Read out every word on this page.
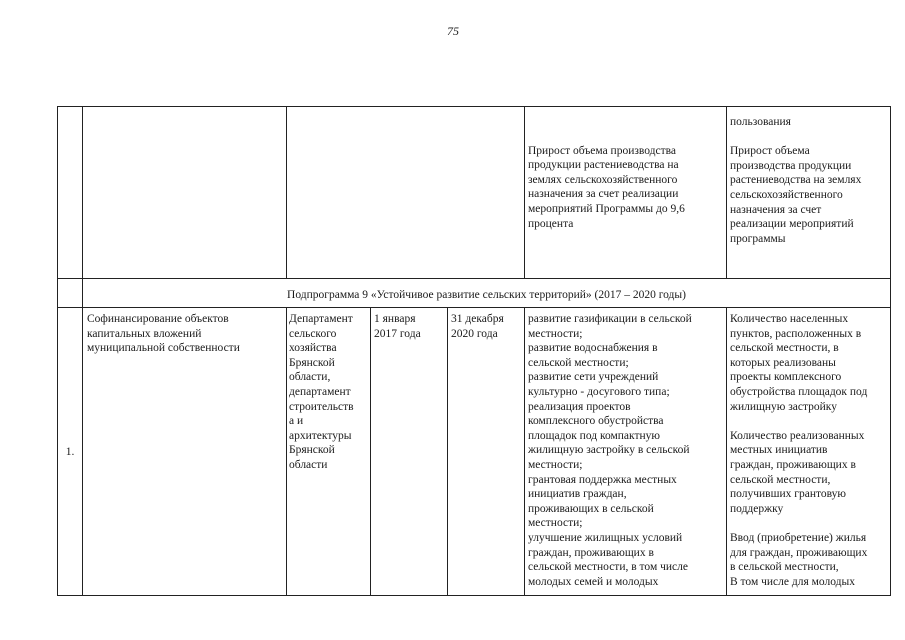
75

Прирост объема производства
продукции растениеводства на
землях сельскохозяйственного
назначения за счет реализации
мероприятий Программы до 9,6
процента
пользования

Прирост объема
производства продукции
растениеводства на землях
сельскохозяйственного
назначения за счет
реализации мероприятий
программы
Подпрограмма 9 «Устойчивое развитие сельских территорий» (2017 – 2020 годы)
1.
Софинансирование объектов
капитальных вложений
муниципальной собственности
Департамент
сельского
хозяйства
Брянской
области,
департамент
строительств
а и
архитектуры
Брянской
области
1 января
2017 года
31 декабря
2020 года
развитие газификации в сельской
местности;
развитие водоснабжения в
сельской местности;
развитие сети учреждений
культурно - досугового типа;
реализация проектов
комплексного обустройства
площадок под компактную
жилищную застройку в сельской
местности;
грантовая поддержка местных
инициатив граждан,
проживающих в сельской
местности;
улучшение жилищных условий
граждан, проживающих в
сельской местности, в том числе
молодых семей и молодых
Количество населенных
пунктов, расположенных в
сельской местности, в
которых реализованы
проекты комплексного
обустройства площадок под
жилищную застройку

Количество реализованных
местных инициатив
граждан, проживающих в
сельской местности,
получивших грантовую
поддержку

Ввод (приобретение) жилья
для граждан, проживающих
в сельской местности,
В том числе для молодых
